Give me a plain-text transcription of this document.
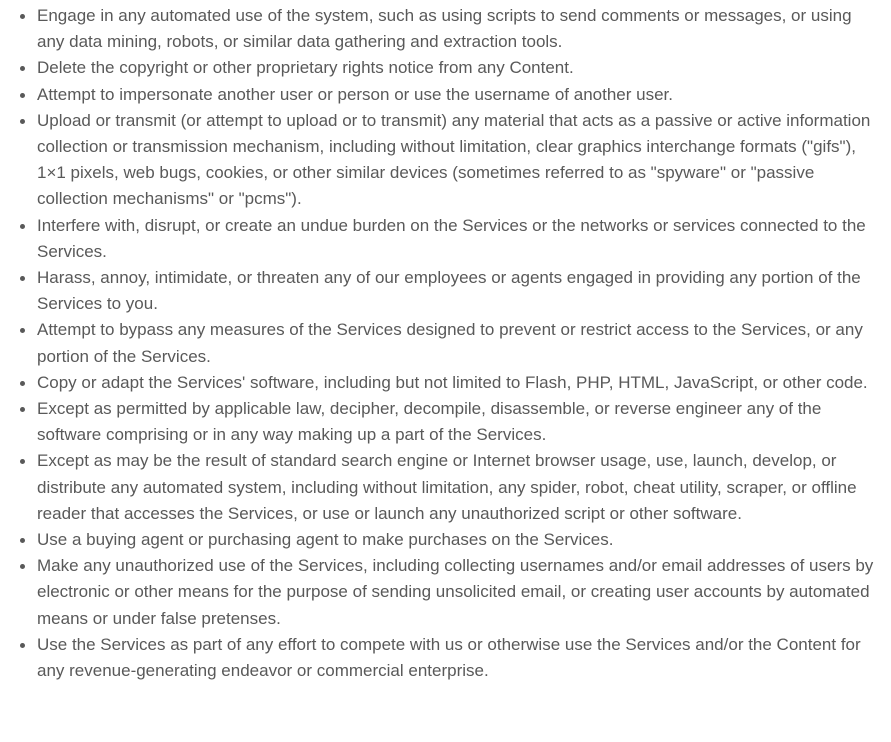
Engage in any automated use of the system, such as using scripts to send comments or messages, or using any data mining, robots, or similar data gathering and extraction tools.
Delete the copyright or other proprietary rights notice from any Content.
Attempt to impersonate another user or person or use the username of another user.
Upload or transmit (or attempt to upload or to transmit) any material that acts as a passive or active information collection or transmission mechanism, including without limitation, clear graphics interchange formats ("gifs"), 1×1 pixels, web bugs, cookies, or other similar devices (sometimes referred to as "spyware" or "passive collection mechanisms" or "pcms").
Interfere with, disrupt, or create an undue burden on the Services or the networks or services connected to the Services.
Harass, annoy, intimidate, or threaten any of our employees or agents engaged in providing any portion of the Services to you.
Attempt to bypass any measures of the Services designed to prevent or restrict access to the Services, or any portion of the Services.
Copy or adapt the Services' software, including but not limited to Flash, PHP, HTML, JavaScript, or other code.
Except as permitted by applicable law, decipher, decompile, disassemble, or reverse engineer any of the software comprising or in any way making up a part of the Services.
Except as may be the result of standard search engine or Internet browser usage, use, launch, develop, or distribute any automated system, including without limitation, any spider, robot, cheat utility, scraper, or offline reader that accesses the Services, or use or launch any unauthorized script or other software.
Use a buying agent or purchasing agent to make purchases on the Services.
Make any unauthorized use of the Services, including collecting usernames and/or email addresses of users by electronic or other means for the purpose of sending unsolicited email, or creating user accounts by automated means or under false pretenses.
Use the Services as part of any effort to compete with us or otherwise use the Services and/or the Content for any revenue-generating endeavor or commercial enterprise.
